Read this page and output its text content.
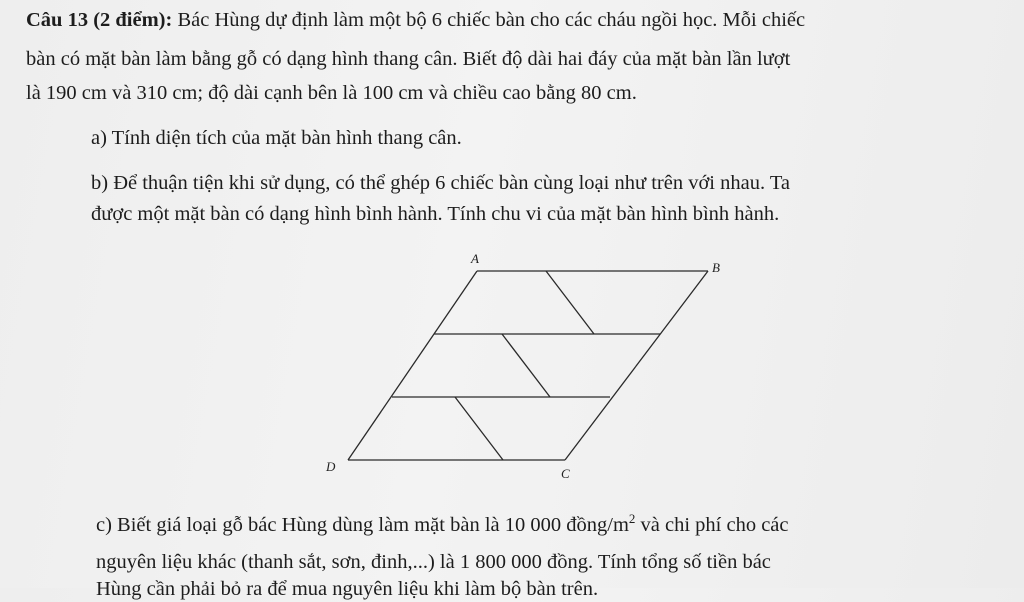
Câu 13 (2 điểm): Bác Hùng dự định làm một bộ 6 chiếc bàn cho các cháu ngồi học. Mỗi chiếc
bàn có mặt bàn làm bằng gỗ có dạng hình thang cân. Biết độ dài hai đáy của mặt bàn lần lượt
là 190 cm và 310 cm; độ dài cạnh bên là 100 cm và chiều cao bằng 80 cm.
a) Tính diện tích của mặt bàn hình thang cân.
b) Để thuận tiện khi sử dụng, có thể ghép 6 chiếc bàn cùng loại như trên với nhau. Ta
được một mặt bàn có dạng hình bình hành. Tính chu vi của mặt bàn hình bình hành.
A
B
C
D
c) Biết giá loại gỗ bác Hùng dùng làm mặt bàn là 10 000 đồng/$m^2$ và chi phí cho các
nguyên liệu khác (thanh sắt, sơn, đinh,...) là 1 800 000 đồng. Tính tổng số tiền bác
Hùng cần phải bỏ ra để mua nguyên liệu khi làm bộ bàn trên.
